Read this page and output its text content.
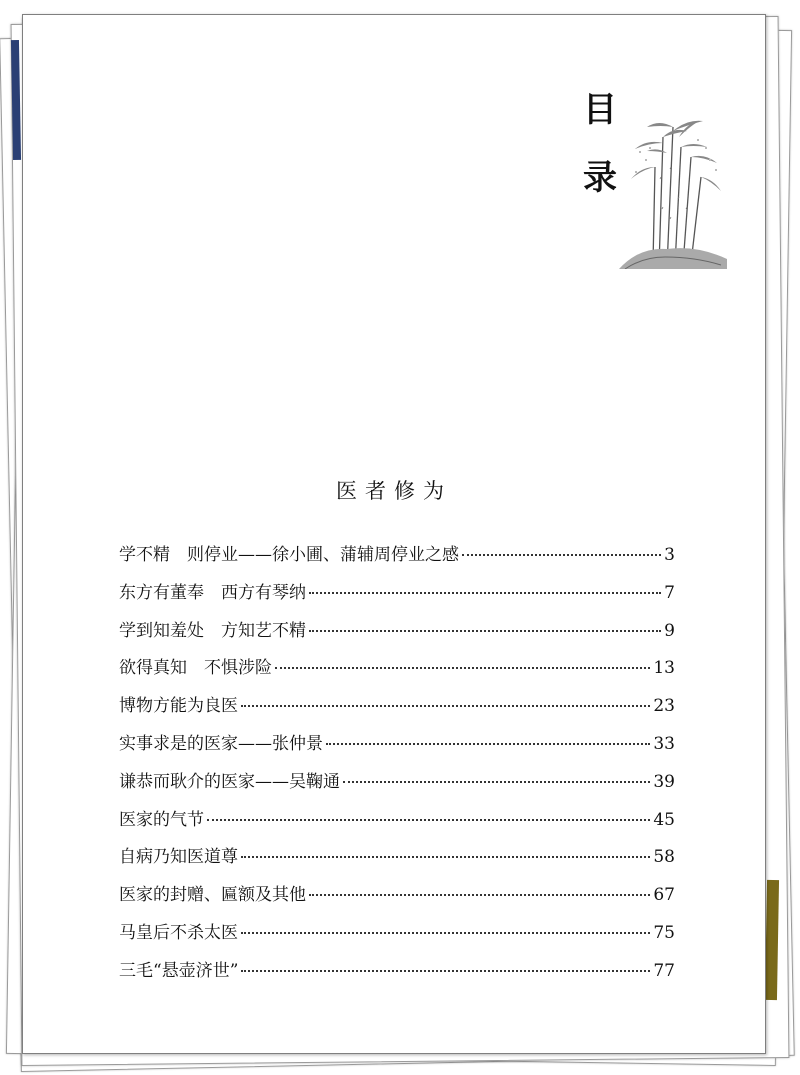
目
录
医者修为
学不精　则停业——徐小圃、蒲辅周停业之感	3
东方有董奉　西方有琴纳	7
学到知羞处　方知艺不精	9
欲得真知　不惧涉险	13
博物方能为良医	23
实事求是的医家——张仲景	33
谦恭而耿介的医家——吴鞠通	39
医家的气节	45
自病乃知医道尊	58
医家的封赠、匾额及其他	67
马皇后不杀太医	75
三毛“悬壶济世”	77
